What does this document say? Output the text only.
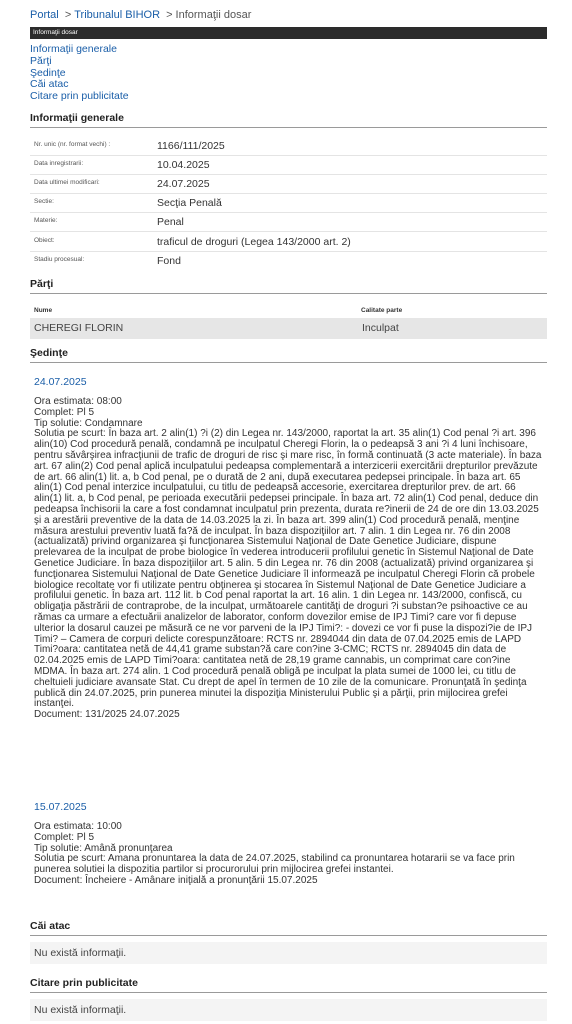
Portal > Tribunalul BIHOR > Informaţii dosar
Informaţii dosar
Informaţii generale
Părţi
Şedinţe
Căi atac
Citare prin publicitate
Informaţii generale
Nr. unic (nr. format vechi) :	1166/111/2025
Data inregistrarii:	10.04.2025
Data ultimei modificari:	24.07.2025
Sectie:	Secţia Penală
Materie:	Penal
Obiect:	traficul de droguri (Legea 143/2000 art. 2)
Stadiu procesual:	Fond
Părţi
Nume	Calitate parte
CHEREGI FLORIN	Inculpat
Şedinţe
24.07.2025
Ora estimata: 08:00
Complet: Pl 5
Tip solutie: Condamnare
Solutia pe scurt: În baza art. 2 alin(1) ?i (2) din Legea nr. 143/2000, raportat la art. 35 alin(1) Cod penal ?i art. 396 alin(10) Cod procedură penală, condamnă pe inculpatul Cheregi Florin, la o pedeapsă 3 ani ?i 4 luni închisoare, pentru săvârşirea infracţiunii de trafic de droguri de risc şi mare risc, în formă continuată (3 acte materiale). În baza art. 67 alin(2) Cod penal aplică inculpatului pedeapsa complementară a interzicerii exercitării drepturilor prevăzute de art. 66 alin(1) lit. a, b Cod penal, pe o durată de 2 ani, după executarea pedepsei principale. În baza art. 65 alin(1) Cod penal interzice inculpatului, cu titlu de pedeapsă accesorie, exercitarea drepturilor prev. de art. 66 alin(1) lit. a, b Cod penal, pe perioada executării pedepsei principale. În baza art. 72 alin(1) Cod penal, deduce din pedeapsa închisorii la care a fost condamnat inculpatul prin prezenta, durata re?inerii de 24 de ore din 13.03.2025 şi a arestării preventive de la data de 14.03.2025 la zi. În baza art. 399 alin(1) Cod procedură penală, menţine măsura arestului preventiv luată fa?ă de inculpat. În baza dispoziţiilor art. 7 alin. 1 din Legea nr. 76 din 2008 (actualizată) privind organizarea şi funcţionarea Sistemului Naţional de Date Genetice Judiciare, dispune prelevarea de la inculpat de probe biologice în vederea introducerii profilului genetic în Sistemul Naţional de Date Genetice Judiciare. În baza dispoziţiilor art. 5 alin. 5 din Legea nr. 76 din 2008 (actualizată) privind organizarea şi funcţionarea Sistemului Naţional de Date Genetice Judiciare îl informează pe inculpatul Cheregi Florin că probele biologice recoltate vor fi utilizate pentru obţinerea şi stocarea în Sistemul Naţional de Date Genetice Judiciare a profilului genetic. În baza art. 112 lit. b Cod penal raportat la art. 16 alin. 1 din Legea nr. 143/2000, confiscă, cu obligaţia păstrării de contraprobe, de la inculpat, următoarele cantităţi de droguri ?i substan?e psihoactive ce au rămas ca urmare a efectuării analizelor de laborator, conform dovezilor emise de IPJ Timi? care vor fi depuse ulterior la dosarul cauzei pe măsură ce ne vor parveni de la IPJ Timi?: - dovezi ce vor fi puse la dispozi?ie de IPJ Timi? – Camera de corpuri delicte corespunzătoare: RCTS nr. 2894044 din data de 07.04.2025 emis de LAPD Timi?oara: cantitatea netă de 44,41 grame substan?ă care con?ine 3-CMC; RCTS nr. 2894045 din data de 02.04.2025 emis de LAPD Timi?oara: cantitatea netă de 28,19 grame cannabis, un comprimat care con?ine MDMA. În baza art. 274 alin. 1 Cod procedură penală obligă pe inculpat la plata sumei de 1000 lei, cu titlu de cheltuieli judiciare avansate Stat. Cu drept de apel în termen de 10 zile de la comunicare. Pronunţată în şedinţa publică din 24.07.2025, prin punerea minutei la dispoziţia Ministerului Public şi a părţii, prin mijlocirea grefei instanţei.
Document: 131/2025 24.07.2025
15.07.2025
Ora estimata: 10:00
Complet: Pl 5
Tip solutie: Amână pronunţarea
Solutia pe scurt: Amana pronuntarea la data de 24.07.2025, stabilind ca pronuntarea hotararii se va face prin punerea solutiei la dispozitia partilor si procurorului prin mijlocirea grefei instantei.
Document: Încheiere - Amânare iniţială a pronunţării 15.07.2025
Căi atac
Nu există informaţii.
Citare prin publicitate
Nu există informaţii.
